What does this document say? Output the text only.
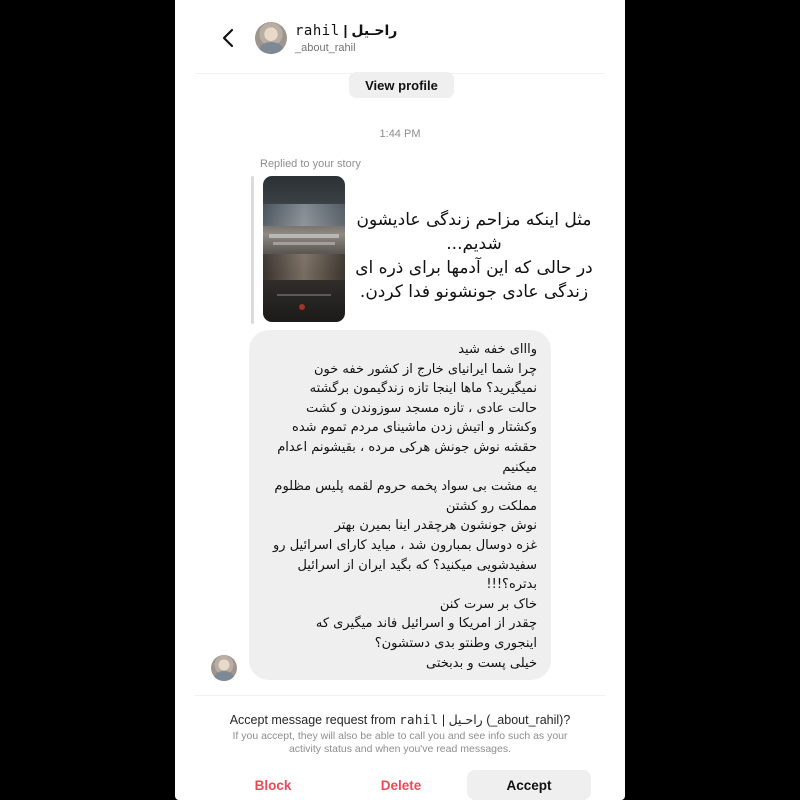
rahil | راحـیل
_about_rahil
View profile
1:44 PM
Replied to your story
مثل اینکه مزاحم زندگی عادیشون
شدیم...
در حالی که این آدمها برای ذره ای
زندگی عادی جونشونو فدا کردن.
وااای خفه شید
چرا شما ایرانیای خارج از کشور خفه خون
نمیگیرید؟ ماها اینجا تازه زندگیمون برگشته
حالت عادی ، تازه مسجد سوزوندن و کشت
وکشتار و اتیش زدن ماشینای مردم تموم شده
حقشه نوش جونش هرکی مرده ، بقیشونم اعدام
میکنیم
یه مشت بی سواد پخمه حروم لقمه پلیس مظلوم
مملکت رو کشتن
نوش جونشون هرچقدر اینا بمیرن بهتر
غزه دوسال بمبارون شد ، میاید کارای اسرائیل رو
سفیدشویی میکنید؟ که بگید ایران از اسرائیل
بدتره؟!!!
خاک بر سرت کنن
چقدر از امریکا و اسرائیل فاند میگیری که
اینجوری وطنتو بدی دستشون؟
خیلی پست و بدبختی
Accept message request from rahil | راحـیل (_about_rahil)?
If you accept, they will also be able to call you and see info such as your activity status and when you've read messages.
Block	Delete	Accept
